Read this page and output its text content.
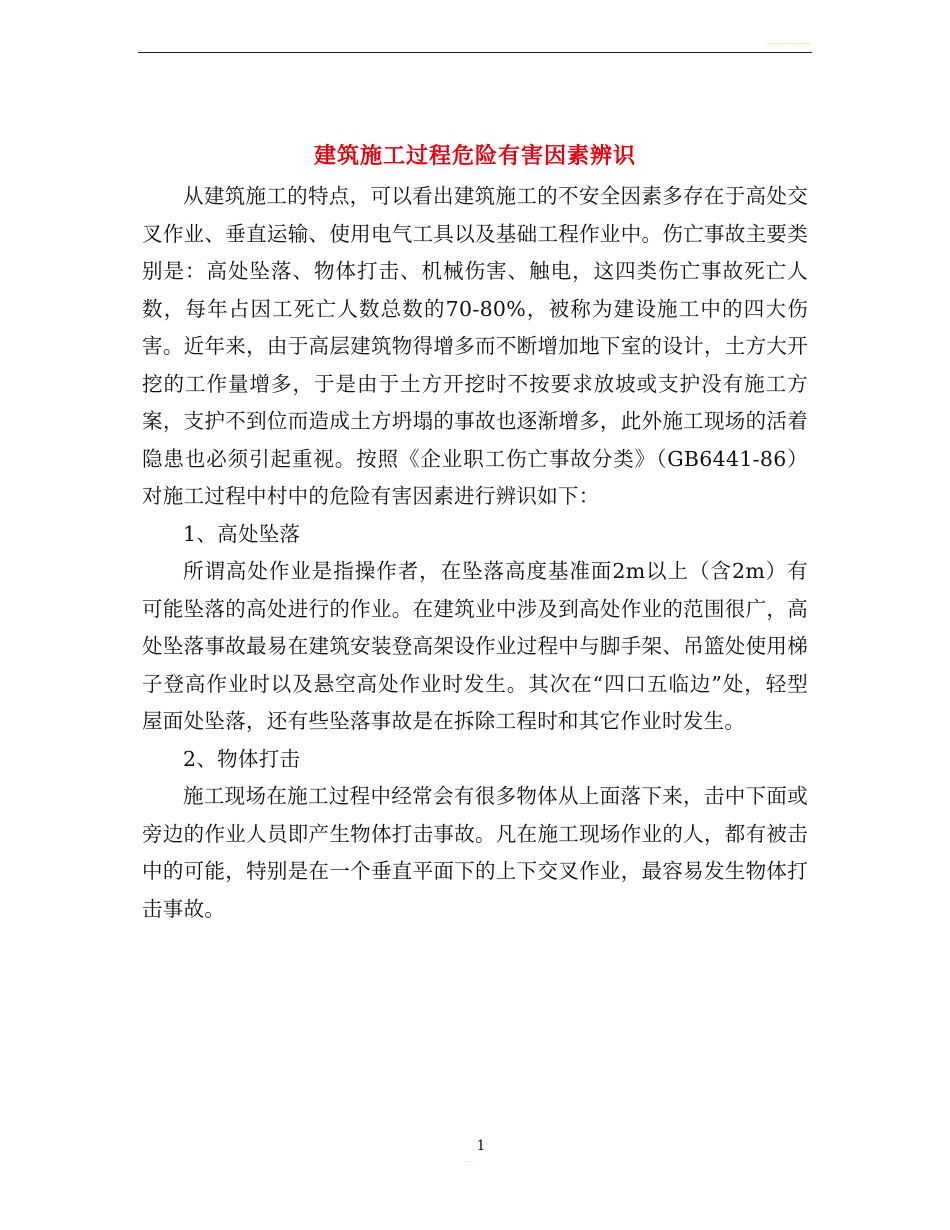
………………
建筑施工过程危险有害因素辨识

从建筑施工的特点，可以看出建筑施工的不安全因素多存在于高处交叉作业、垂直运输、使用电气工具以及基础工程作业中。伤亡事故主要类别是：高处坠落、物体打击、机械伤害、触电，这四类伤亡事故死亡人数，每年占因工死亡人数总数的70-80%，被称为建设施工中的四大伤害。近年来，由于高层建筑物得增多而不断增加地下室的设计，土方大开挖的工作量增多，于是由于土方开挖时不按要求放坡或支护没有施工方案，支护不到位而造成土方坍塌的事故也逐渐增多，此外施工现场的活着隐患也必须引起重视。按照《企业职工伤亡事故分类》（GB6441-86）对施工过程中村中的危险有害因素进行辨识如下：

1、高处坠落

所谓高处作业是指操作者，在坠落高度基准面2m以上（含2m）有可能坠落的高处进行的作业。在建筑业中涉及到高处作业的范围很广，高处坠落事故最易在建筑安装登高架设作业过程中与脚手架、吊篮处使用梯子登高作业时以及悬空高处作业时发生。其次在“四口五临边”处，轻型屋面处坠落，还有些坠落事故是在拆除工程时和其它作业时发生。

2、物体打击

施工现场在施工过程中经常会有很多物体从上面落下来，击中下面或旁边的作业人员即产生物体打击事故。凡在施工现场作业的人，都有被击中的可能，特别是在一个垂直平面下的上下交叉作业，最容易发生物体打击事故。

1
……
